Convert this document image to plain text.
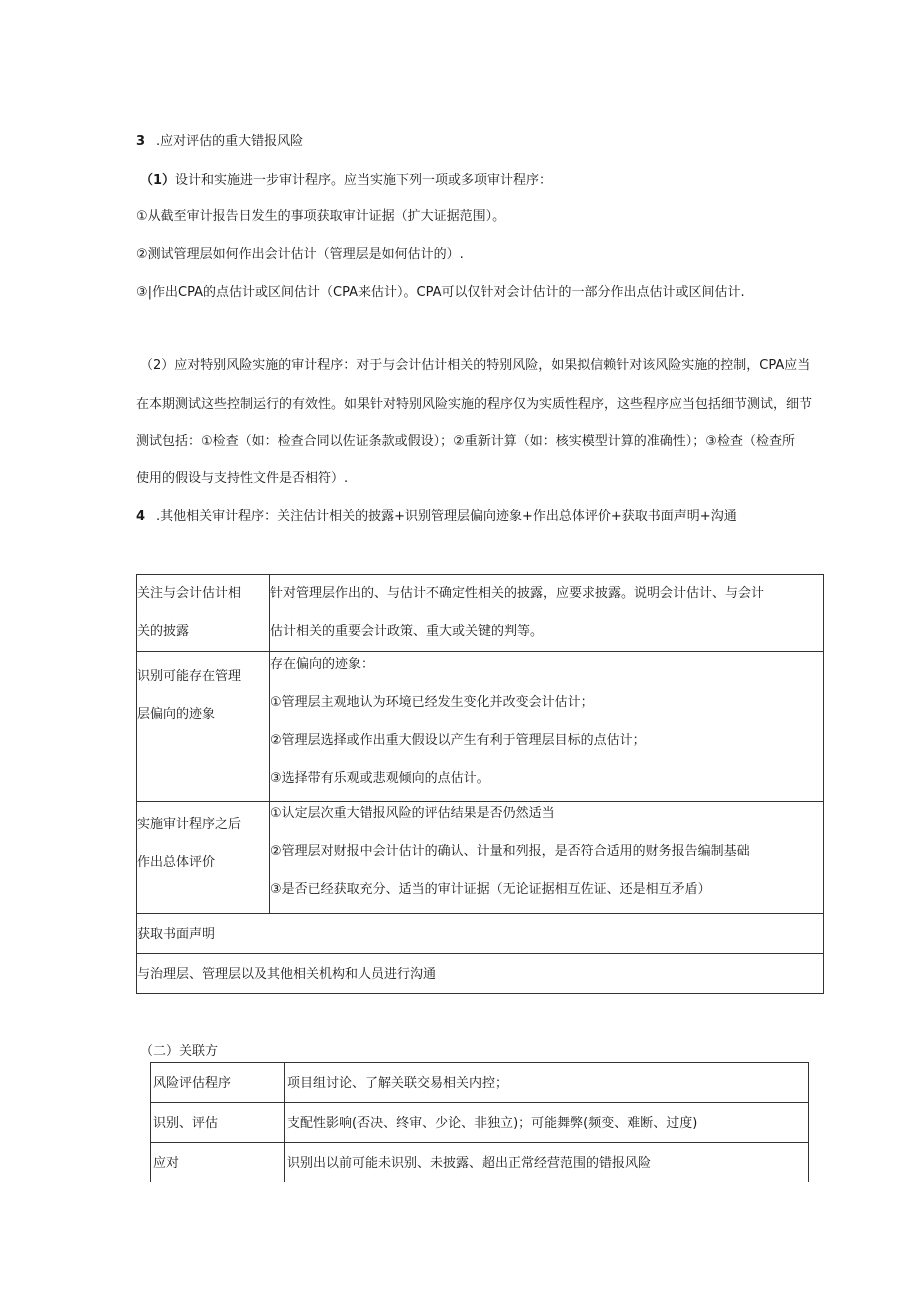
3 .应对评估的重大错报风险
（1）设计和实施进一步审计程序。应当实施下列一项或多项审计程序：
①从截至审计报告日发生的事项获取审计证据（扩大证据范围）。
②测试管理层如何作出会计估计（管理层是如何估计的）.
③|作出CPA的点估计或区间估计（CPA来估计）。CPA可以仅针对会计估计的一部分作出点估计或区间估计.
（2）应对特别风险实施的审计程序：对于与会计估计相关的特别风险，如果拟信赖针对该风险实施的控制，CPA应当
在本期测试这些控制运行的有效性。如果针对特别风险实施的程序仅为实质性程序，这些程序应当包括细节测试，细节
测试包括：①检查（如：检查合同以佐证条款或假设）；②重新计算（如：核实模型计算的准确性）；③检查（检查所
使用的假设与支持性文件是否相符）.
4 .其他相关审计程序：关注估计相关的披露+识别管理层偏向迹象+作出总体评价+获取书面声明+沟通
关注与会计估计相
关的披露	针对管理层作出的、与估计不确定性相关的披露，应要求披露。说明会计估计、与会计
估计相关的重要会计政策、重大或关键的判等。

识别可能存在管理
层偏向的迹象	存在偏向的迹象：
①管理层主观地认为环境已经发生变化并改变会计估计；
②管理层选择或作出重大假设以产生有利于管理层目标的点估计；
③选择带有乐观或悲观倾向的点估计。

实施审计程序之后
作出总体评价	①认定层次重大错报风险的评估结果是否仍然适当
②管理层对财报中会计估计的确认、计量和列报，是否符合适用的财务报告编制基础
③是否已经获取充分、适当的审计证据（无论证据相互佐证、还是相互矛盾）

获取书面声明	

与治理层、管理层以及其他相关机构和人员进行沟通	
（二）关联方
风险评估程序	项目组讨论、了解关联交易相关内控；

识别、评估	支配性影响(否决、终审、少论、非独立)；可能舞弊(频变、难断、过度)

应对	识别出以前可能未识别、未披露、超出正常经营范围的错报风险
